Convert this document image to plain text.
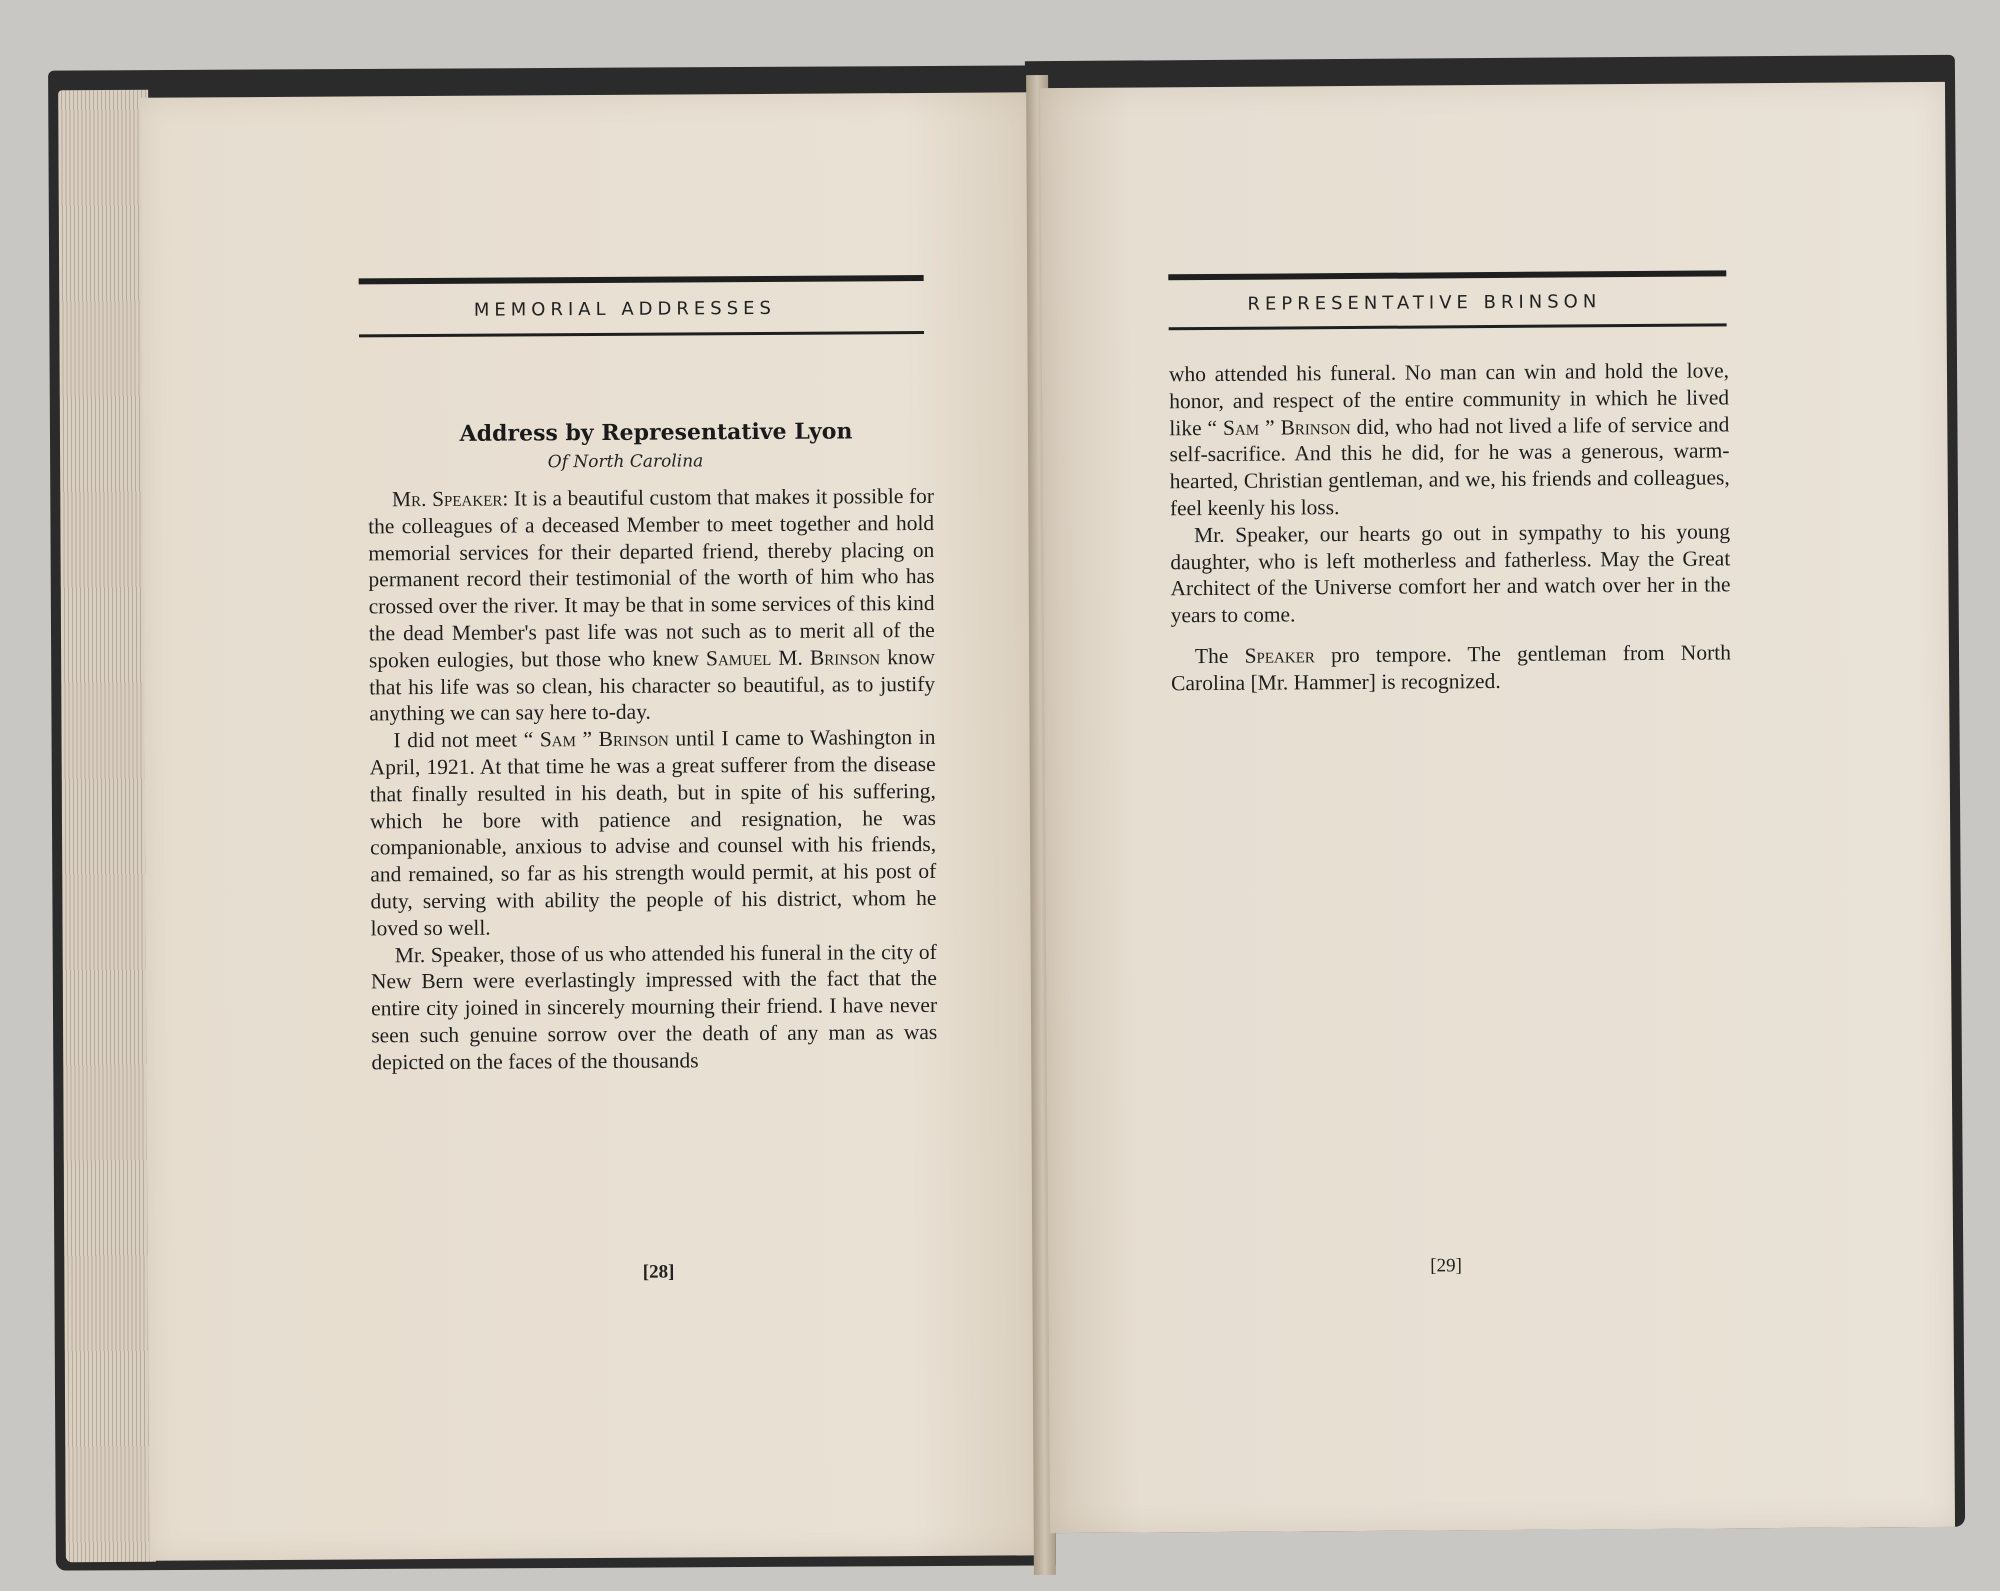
MEMORIAL ADDRESSES
Address by Representative Lyon
Of North Carolina

Mr. Speaker: It is a beautiful custom that makes it possible for the colleagues of a deceased Member to meet together and hold memorial services for their departed friend, thereby placing on permanent record their testimonial of the worth of him who has crossed over the river. It may be that in some services of this kind the dead Member's past life was not such as to merit all of the spoken eulogies, but those who knew Samuel M. Brinson know that his life was so clean, his character so beautiful, as to justify anything we can say here to-day.

I did not meet “ Sam ” Brinson until I came to Washington in April, 1921. At that time he was a great sufferer from the disease that finally resulted in his death, but in spite of his suffering, which he bore with patience and resignation, he was companionable, anxious to advise and counsel with his friends, and remained, so far as his strength would permit, at his post of duty, serving with ability the people of his district, whom he loved so well.

Mr. Speaker, those of us who attended his funeral in the city of New Bern were everlastingly impressed with the fact that the entire city joined in sincerely mourning their friend. I have never seen such genuine sorrow over the death of any man as was depicted on the faces of the thousands

[28]
REPRESENTATIVE BRINSON

who attended his funeral. No man can win and hold the love, honor, and respect of the entire community in which he lived like “ Sam ” Brinson did, who had not lived a life of service and self-sacrifice. And this he did, for he was a generous, warm-hearted, Christian gentleman, and we, his friends and colleagues, feel keenly his loss.

Mr. Speaker, our hearts go out in sympathy to his young daughter, who is left motherless and fatherless. May the Great Architect of the Universe comfort her and watch over her in the years to come.

The Speaker pro tempore. The gentleman from North Carolina [Mr. Hammer] is recognized.

[29]
